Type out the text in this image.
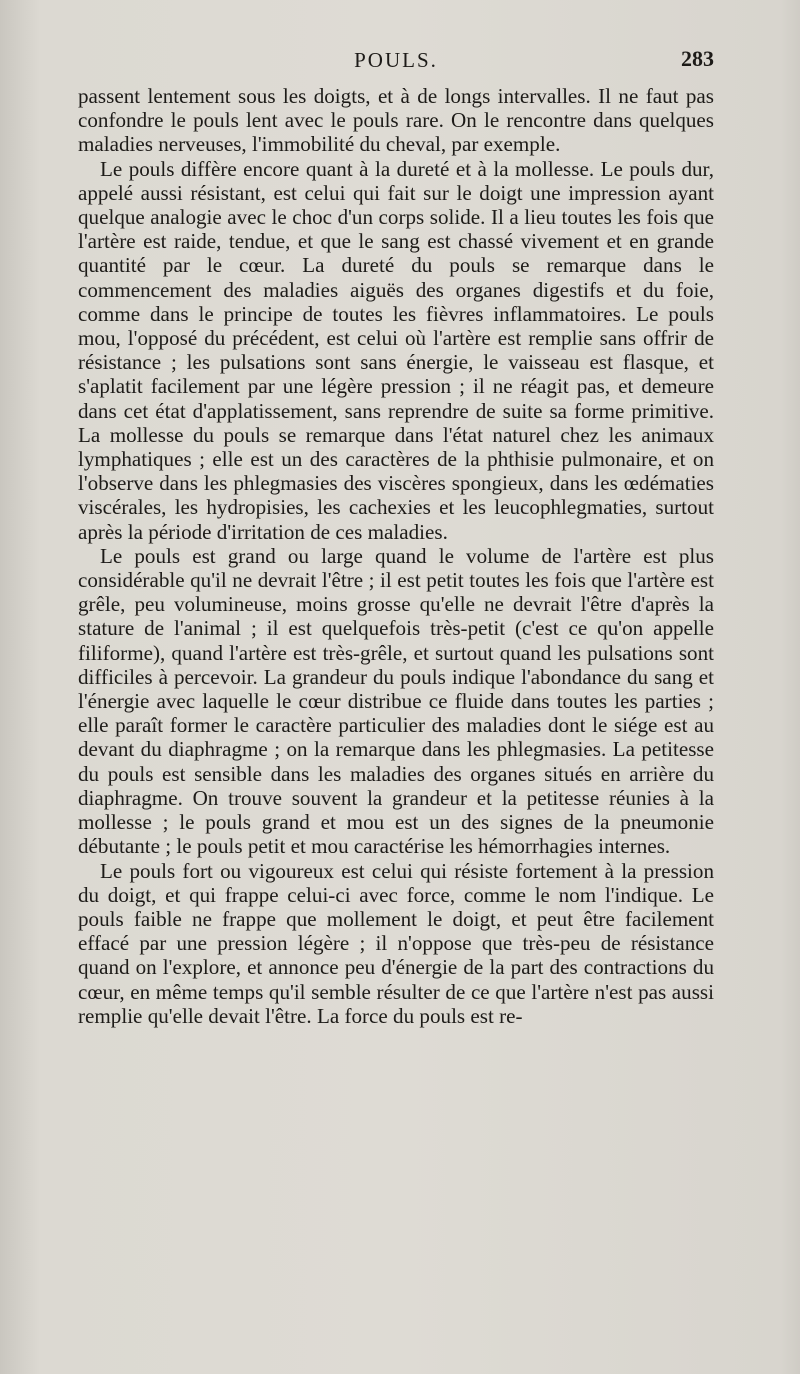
POULS.	283

passent lentement sous les doigts, et à de longs intervalles. Il ne faut pas confondre le pouls lent avec le pouls rare. On le rencontre dans quelques maladies nerveuses, l'immobilité du cheval, par exemple.

Le pouls diffère encore quant à la dureté et à la mollesse. Le pouls dur, appelé aussi résistant, est celui qui fait sur le doigt une impression ayant quelque analogie avec le choc d'un corps solide. Il a lieu toutes les fois que l'artère est raide, tendue, et que le sang est chassé vivement et en grande quantité par le cœur. La dureté du pouls se remarque dans le commencement des maladies aiguës des organes digestifs et du foie, comme dans le principe de toutes les fièvres inflammatoires. Le pouls mou, l'opposé du précédent, est celui où l'artère est remplie sans offrir de résistance ; les pulsations sont sans énergie, le vaisseau est flasque, et s'aplatit facilement par une légère pression ; il ne réagit pas, et demeure dans cet état d'applatissement, sans reprendre de suite sa forme primitive. La mollesse du pouls se remarque dans l'état naturel chez les animaux lymphatiques ; elle est un des caractères de la phthisie pulmonaire, et on l'observe dans les phlegmasies des viscères spongieux, dans les œdématies viscérales, les hydropisies, les cachexies et les leucophlegmaties, surtout après la période d'irritation de ces maladies.

Le pouls est grand ou large quand le volume de l'artère est plus considérable qu'il ne devrait l'être ; il est petit toutes les fois que l'artère est grêle, peu volumineuse, moins grosse qu'elle ne devrait l'être d'après la stature de l'animal ; il est quelquefois très-petit (c'est ce qu'on appelle filiforme), quand l'artère est très-grêle, et surtout quand les pulsations sont difficiles à percevoir. La grandeur du pouls indique l'abondance du sang et l'énergie avec laquelle le cœur distribue ce fluide dans toutes les parties ; elle paraît former le caractère particulier des maladies dont le siége est au devant du diaphragme ; on la remarque dans les phlegmasies. La petitesse du pouls est sensible dans les maladies des organes situés en arrière du diaphragme. On trouve souvent la grandeur et la petitesse réunies à la mollesse ; le pouls grand et mou est un des signes de la pneumonie débutante ; le pouls petit et mou caractérise les hémorrhagies internes.

Le pouls fort ou vigoureux est celui qui résiste fortement à la pression du doigt, et qui frappe celui-ci avec force, comme le nom l'indique. Le pouls faible ne frappe que mollement le doigt, et peut être facilement effacé par une pression légère ; il n'oppose que très-peu de résistance quand on l'explore, et annonce peu d'énergie de la part des contractions du cœur, en même temps qu'il semble résulter de ce que l'artère n'est pas aussi remplie qu'elle devait l'être. La force du pouls est re-
